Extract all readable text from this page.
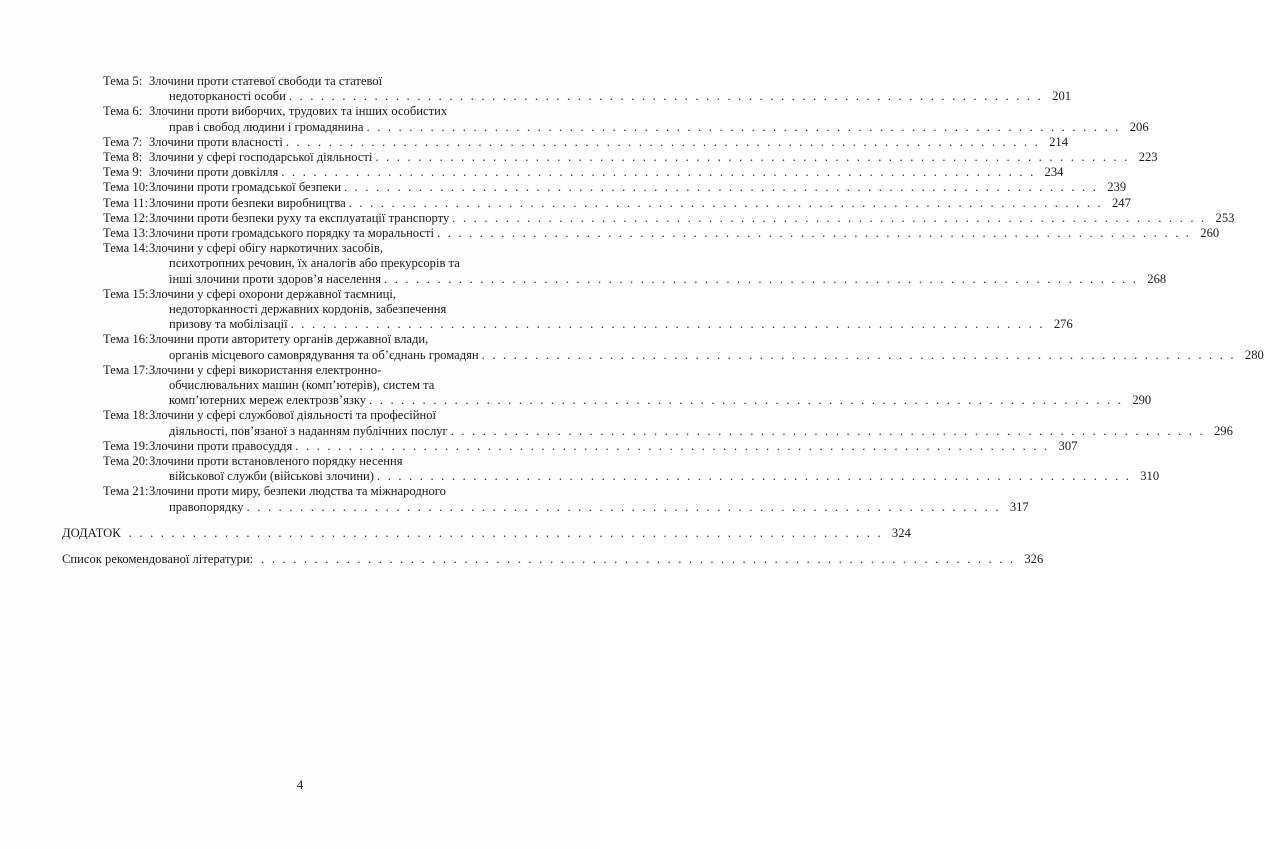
Тема 5: Злочини проти статевої свободи та статевої
недоторканості особи . . . . . . . . . . . . . . . . . . . . . . . . . . . . . . . . . . . . . . . . . . . . . . . . . . . . . . . . . . . . . . . . . . . . . . . 201
Тема 6: Злочини проти виборчих, трудових та інших особистих
прав і свобод людини і громадянина . . . . . . . . . . . . . . . . . . . . . . . . . . . . . . . . . . . . . . . . . . . . . . . . . . . . . . . . . . . . . . . . . . . . . . . 206
Тема 7: Злочини проти власності . . . . . . . . . . . . . . . . . . . . . . . . . . . . . . . . . . . . . . . . . . . . . . . . . . . . . . . . . . . . . . . . . . . . . . . 214
Тема 8: Злочини у сфері господарської діяльності . . . . . . . . . . . . . . . . . . . . . . . . . . . . . . . . . . . . . . . . . . . . . . . . . . . . . . . . . . . . . . . . . . . . . . . 223
Тема 9: Злочини проти довкілля . . . . . . . . . . . . . . . . . . . . . . . . . . . . . . . . . . . . . . . . . . . . . . . . . . . . . . . . . . . . . . . . . . . . . . . 234
Тема 10: Злочини проти громадської безпеки . . . . . . . . . . . . . . . . . . . . . . . . . . . . . . . . . . . . . . . . . . . . . . . . . . . . . . . . . . . . . . . . . . . . . . . 239
Тема 11: Злочини проти безпеки виробництва . . . . . . . . . . . . . . . . . . . . . . . . . . . . . . . . . . . . . . . . . . . . . . . . . . . . . . . . . . . . . . . . . . . . . . . 247
Тема 12: Злочини проти безпеки руху та експлуатації транспорту . . . . . . . . . . . . . . . . . . . . . . . . . . . . . . . . . . . . . . . . . . . . . . . . . . . . . . . . . . . . . . . . . . . . . . . 253
Тема 13: Злочини проти громадського порядку та моральності . . . . . . . . . . . . . . . . . . . . . . . . . . . . . . . . . . . . . . . . . . . . . . . . . . . . . . . . . . . . . . . . . . . . . . . 260
Тема 14: Злочини у сфері обігу наркотичних засобів,
психотропних речовин, їх аналогів або прекурсорів та
інші злочини проти здоров’я населення . . . . . . . . . . . . . . . . . . . . . . . . . . . . . . . . . . . . . . . . . . . . . . . . . . . . . . . . . . . . . . . . . . . . . . . 268
Тема 15: Злочини у сфері охорони державної таємниці,
недоторканності державних кордонів, забезпечення
призову та мобілізації . . . . . . . . . . . . . . . . . . . . . . . . . . . . . . . . . . . . . . . . . . . . . . . . . . . . . . . . . . . . . . . . . . . . . . . 276
Тема 16: Злочини проти авторитету органів державної влади,
органів місцевого самоврядування та об’єднань громадян . . . . . . . . . . . . . . . . . . . . . . . . . . . . . . . . . . . . . . . . . . . . . . . . . . . . . . . . . . . . . . . . . . . . . . . 280
Тема 17: Злочини у сфері використання електронно-
обчислювальних машин (комп’ютерів), систем та
комп’ютерних мереж електрозв’язку . . . . . . . . . . . . . . . . . . . . . . . . . . . . . . . . . . . . . . . . . . . . . . . . . . . . . . . . . . . . . . . . . . . . . . . 290
Тема 18: Злочини у сфері службової діяльності та професійної
діяльності, пов’язаної з наданням публічних послуг . . . . . . . . . . . . . . . . . . . . . . . . . . . . . . . . . . . . . . . . . . . . . . . . . . . . . . . . . . . . . . . . . . . . . . . 296
Тема 19: Злочини проти правосуддя . . . . . . . . . . . . . . . . . . . . . . . . . . . . . . . . . . . . . . . . . . . . . . . . . . . . . . . . . . . . . . . . . . . . . . . 307
Тема 20: Злочини проти встановленого порядку несення
військової служби (військові злочини) . . . . . . . . . . . . . . . . . . . . . . . . . . . . . . . . . . . . . . . . . . . . . . . . . . . . . . . . . . . . . . . . . . . . . . . 310
Тема 21: Злочини проти миру, безпеки людства та міжнародного
правопорядку . . . . . . . . . . . . . . . . . . . . . . . . . . . . . . . . . . . . . . . . . . . . . . . . . . . . . . . . . . . . . . . . . . . . . . . 317
ДОДАТОК . . . . . . . . . . . . . . . . . . . . . . . . . . . . . . . . . . . . . . . . . . . . . . . . . . . . . . . . . . . . . . . . . . . . . . . 324
Список рекомендованої літератури: . . . . . . . . . . . . . . . . . . . . . . . . . . . . . . . . . . . . . . . . . . . . . . . . . . . . . . . . . . . . . . . . . . . . . . . 326
4
